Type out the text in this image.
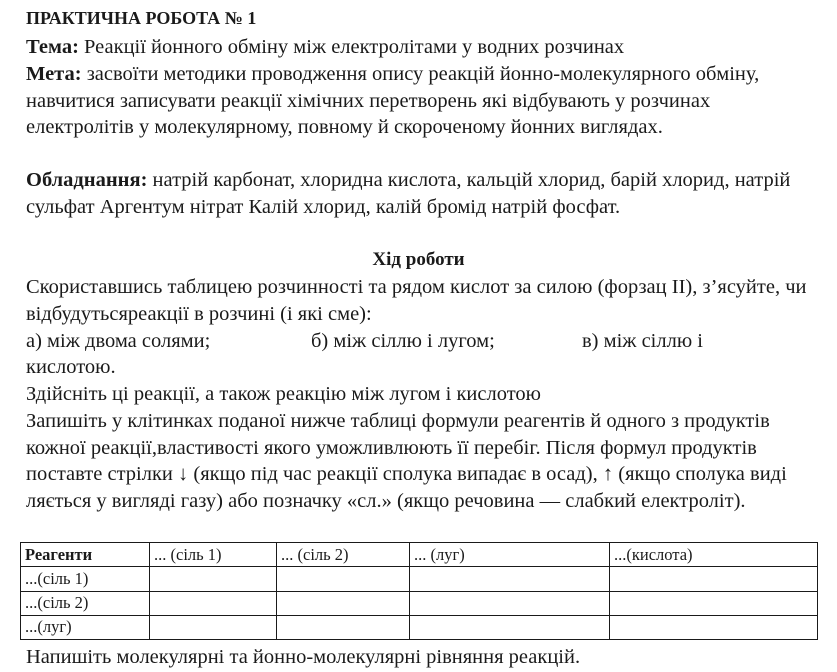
ПРАКТИЧНА РОБОТА № 1

Тема: Реакції йонного обміну між електролітами у водних розчинах

Мета: засвоїти методики проводження опису реакцій йонно-молекулярного обміну, навчитися записувати реакції хімічних перетворень які відбувають у розчинах електролітів у молекулярному, повному й скороченому йонних виглядах.

Обладнання: натрій карбонат, хлоридна кислота, кальцій хлорид, барій хлорид, натрій сульфат Аргентум нітрат Калій хлорид, калій бромід натрій фосфат.

Хід роботи

Скориставшись таблицею розчинності та рядом кислот за силою (форзац II), з’ясуйте, чи відбудутьсяреакції в розчині (і які сме):

а) між двома солями;	б) між сіллю і лугом;	в) між сіллю і

кислотою.

Здійсніть ці реакції, а також реакцію між лугом і кислотою

Запишіть у клітинках поданої нижче таблиці формули реагентів й одного з продуктів кожної реакції,властивості якого уможливлюють її перебіг. Після формул продуктів поставте стрілки ↓ (якщо під час реакції сполука випадає в осад), ↑ (якщо сполука виді ляється у вигляді газу) або позначку «сл.» (якщо речовина — слабкий електроліт).

Реагенти	... (сіль 1)	... (сіль 2)	... (луг)	...(кислота)
...(сіль 1)				
...(сіль 2)				
...(луг)				

Напишіть молекулярні та йонно-молекулярні рівняння реакцій.
